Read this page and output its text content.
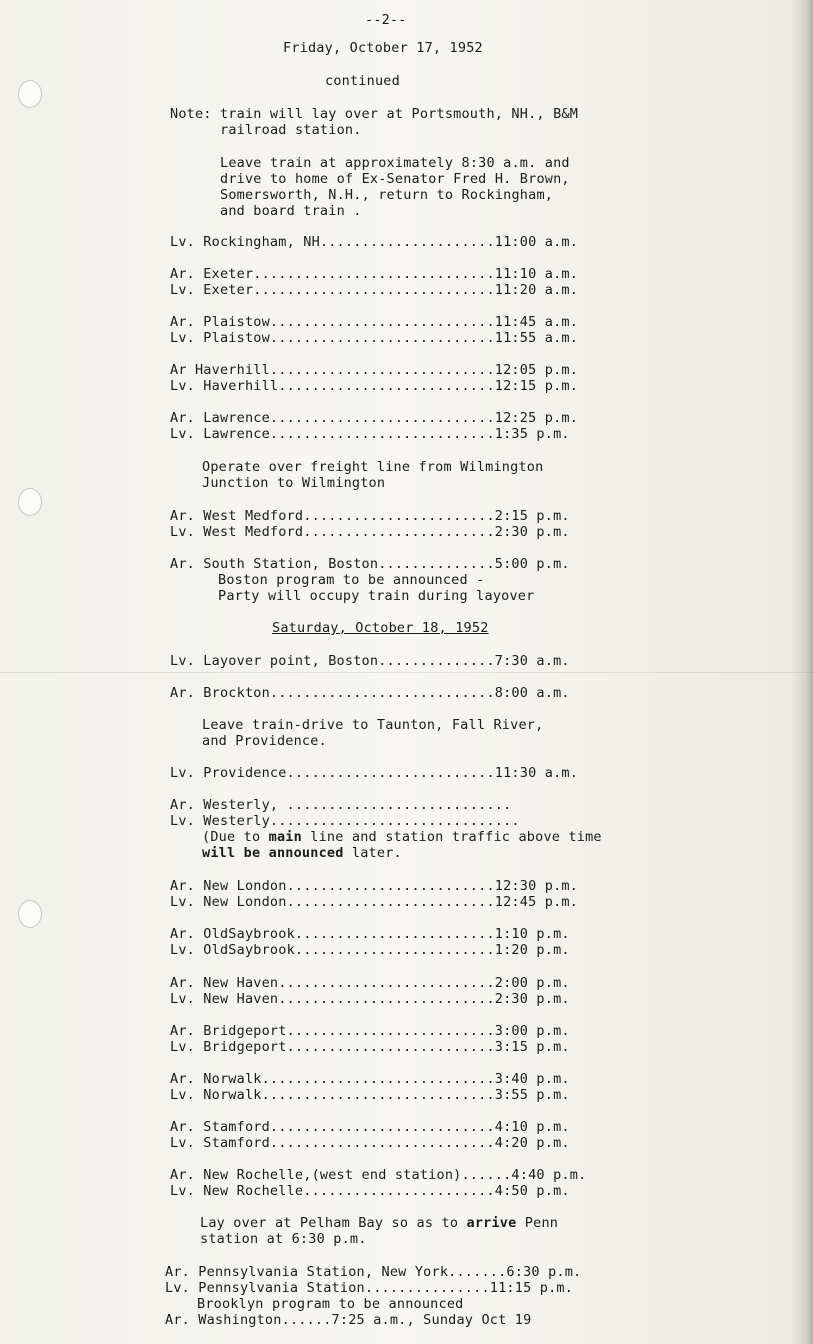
--2--
Friday, October 17, 1952
continued
Note: train will lay over at Portsmouth, NH., B&M
railroad station.
Leave train at approximately 8:30 a.m. and
drive to home of Ex-Senator Fred H. Brown,
Somersworth, N.H., return to Rockingham,
and board train .
Lv. Rockingham, NH.....................11:00 a.m.
Ar. Exeter.............................11:10 a.m.
Lv. Exeter.............................11:20 a.m.
Ar. Plaistow...........................11:45 a.m.
Lv. Plaistow...........................11:55 a.m.
Ar Haverhill...........................12:05 p.m.
Lv. Haverhill..........................12:15 p.m.
Ar. Lawrence...........................12:25 p.m.
Lv. Lawrence...........................1:35 p.m.
Operate over freight line from Wilmington
Junction to Wilmington
Ar. West Medford.......................2:15 p.m.
Lv. West Medford.......................2:30 p.m.
Ar. South Station, Boston..............5:00 p.m.
Boston program to be announced -
Party will occupy train during layover
Saturday, October 18, 1952
Lv. Layover point, Boston..............7:30 a.m.
Ar. Brockton...........................8:00 a.m.
Leave train-drive to Taunton, Fall River,
and Providence.
Lv. Providence.........................11:30 a.m.
Ar. Westerly, ...........................
Lv. Westerly..............................
(Due to main line and station traffic above time
will be announced later.
Ar. New London.........................12:30 p.m.
Lv. New London.........................12:45 p.m.
Ar. OldSaybrook........................1:10 p.m.
Lv. OldSaybrook........................1:20 p.m.
Ar. New Haven..........................2:00 p.m.
Lv. New Haven..........................2:30 p.m.
Ar. Bridgeport.........................3:00 p.m.
Lv. Bridgeport.........................3:15 p.m.
Ar. Norwalk............................3:40 p.m.
Lv. Norwalk............................3:55 p.m.
Ar. Stamford...........................4:10 p.m.
Lv. Stamford...........................4:20 p.m.
Ar. New Rochelle,(west end station)......4:40 p.m.
Lv. New Rochelle.......................4:50 p.m.
Lay over at Pelham Bay so as to arrive Penn
station at 6:30 p.m.
Ar. Pennsylvania Station, New York.......6:30 p.m.
Lv. Pennsylvania Station...............11:15 p.m.
Brooklyn program to be announced
Ar. Washington......7:25 a.m., Sunday Oct 19
